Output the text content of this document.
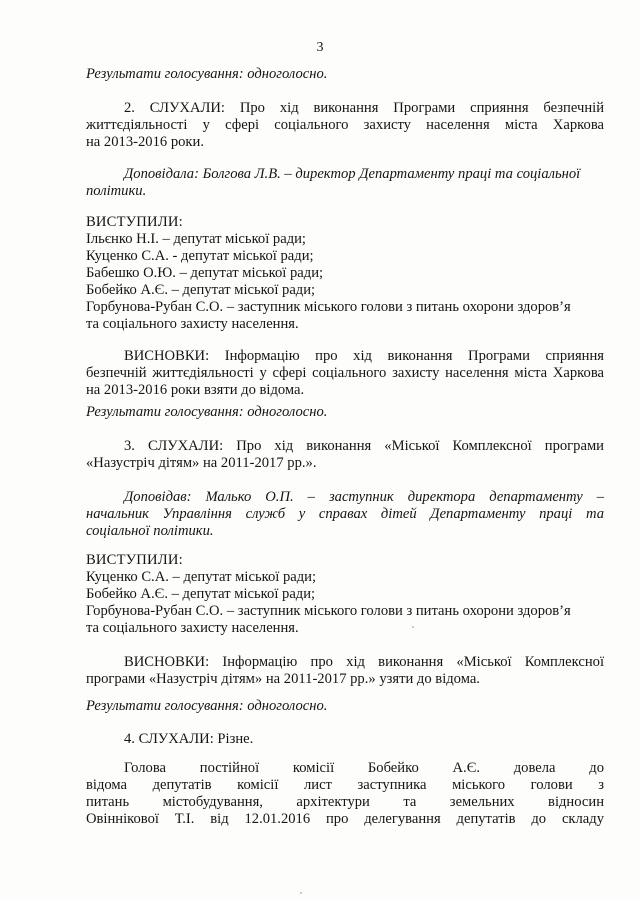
3
Результати голосування: одноголосно.
2. СЛУХАЛИ: Про хід виконання Програми сприяння безпечній
життєдіяльності у сфері соціального захисту населення міста Харкова
на 2013-2016 роки.
Доповідала: Болгова Л.В. – директор Департаменту праці та соціальної
політики.
ВИСТУПИЛИ:
Ільєнко Н.І. – депутат міської ради;
Куценко С.А. - депутат міської ради;
Бабешко О.Ю. – депутат міської ради;
Бобейко А.Є. – депутат міської ради;
Горбунова-Рубан С.О. – заступник міського голови з питань охорони здоров’я
та соціального захисту населення.
ВИСНОВКИ: Інформацію про хід виконання Програми сприяння
безпечній життєдіяльності у сфері соціального захисту населення міста Харкова
на 2013-2016 роки взяти до відома.
Результати голосування: одноголосно.
3. СЛУХАЛИ: Про хід виконання «Міської Комплексної програми
«Назустріч дітям» на 2011-2017 рр.».
Доповідав: Малько О.П. – заступник директора департаменту –
начальник Управління служб у справах дітей Департаменту праці та
соціальної політики.
ВИСТУПИЛИ:
Куценко С.А. – депутат міської ради;
Бобейко А.Є. – депутат міської ради;
Горбунова-Рубан С.О. – заступник міського голови з питань охорони здоров’я
та соціального захисту населення.
ВИСНОВКИ: Інформацію про хід виконання «Міської Комплексної
програми «Назустріч дітям» на 2011-2017 рр.» узяти до відома.
Результати голосування: одноголосно.
4. СЛУХАЛИ: Різне.
Голова постійної комісії Бобейко А.Є. довела до
відома депутатів комісії лист заступника міського голови з
питань містобудування, архітектури та земельних відносин
Овіннікової Т.І. від 12.01.2016 про делегування депутатів до складу
